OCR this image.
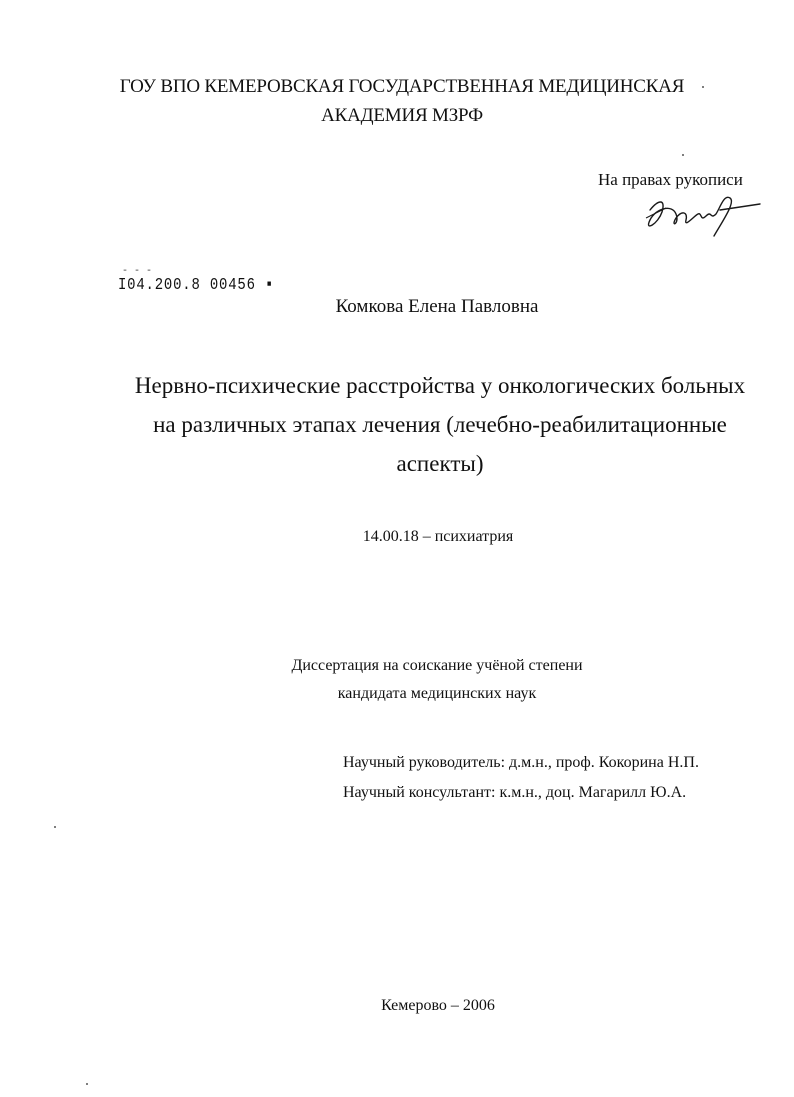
ГОУ ВПО КЕМЕРОВСКАЯ ГОСУДАРСТВЕННАЯ МЕДИЦИНСКАЯ
АКАДЕМИЯ МЗРФ
На правах рукописи
‐ ‐ ‐
I04.200.8 00456 ▪
Комкова Елена Павловна
Нервно-психические расстройства у онкологических больных
на различных этапах лечения (лечебно-реабилитационные
аспекты)
14.00.18 – психиатрия
Диссертация на соискание учёной степени
кандидата медицинских наук
Научный руководитель: д.м.н., проф. Кокорина Н.П.
Научный консультант: к.м.н., доц. Магарилл Ю.А.
Кемерово – 2006
